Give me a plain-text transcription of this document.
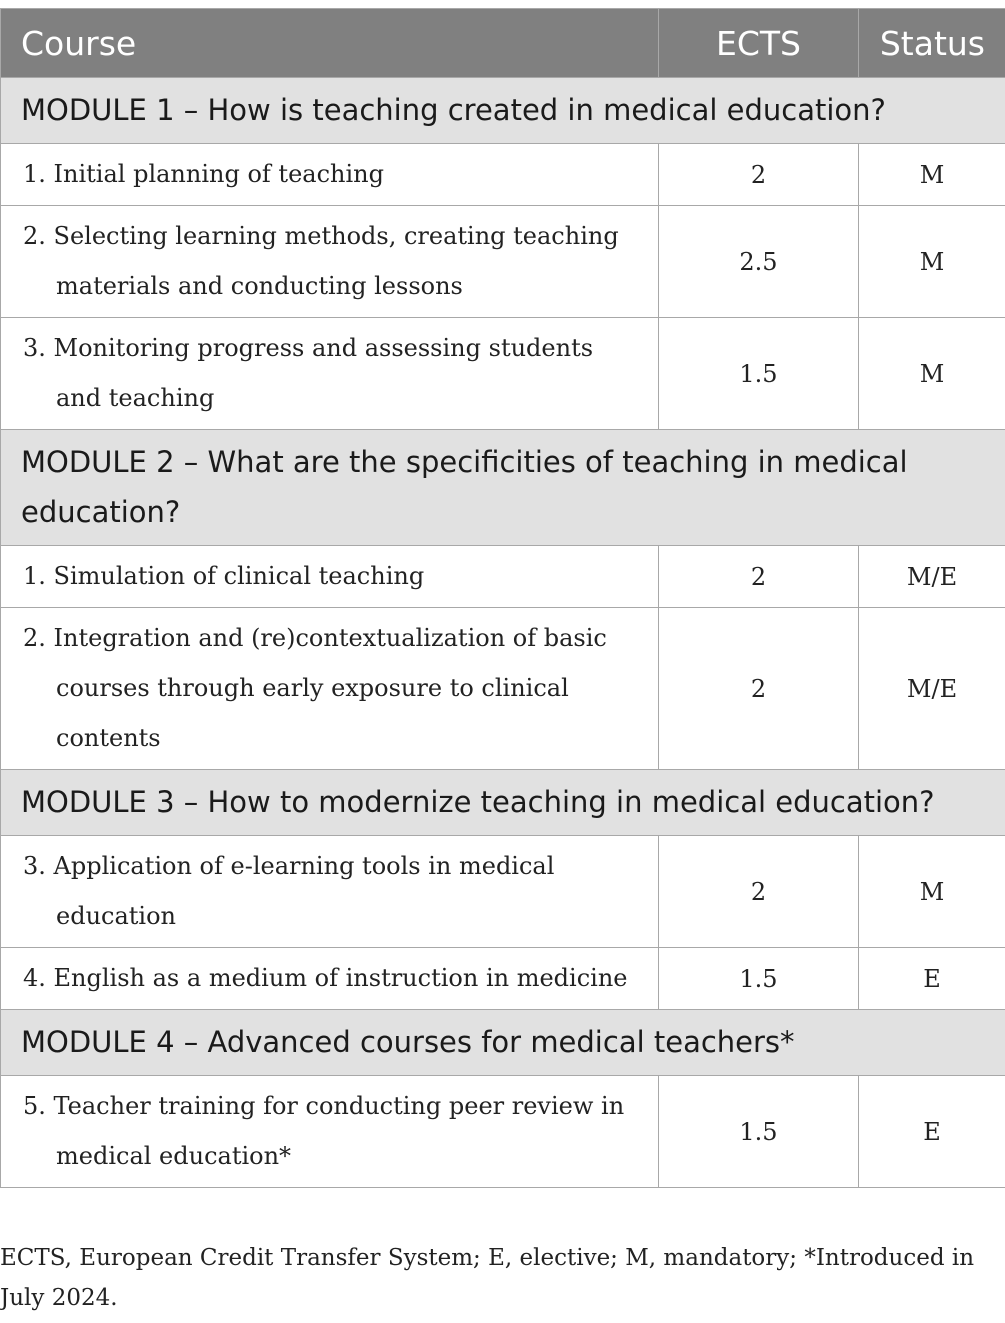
Course	ECTS	Status
MODULE 1 – How is teaching created in medical education?		
1. Initial planning of teaching	2	M
2. Selecting learning methods, creating teaching materials and conducting lessons	2.5	M
3. Monitoring progress and assessing students and teaching	1.5	M
MODULE 2 – What are the specificities of teaching in medical education?		
1. Simulation of clinical teaching	2	M/E
2. Integration and (re)contextualization of basic courses through early exposure to clinical contents	2	M/E
MODULE 3 – How to modernize teaching in medical education?		
3. Application of e-learning tools in medical education	2	M
4. English as a medium of instruction in medicine	1.5	E
MODULE 4 – Advanced courses for medical teachers*		
5. Teacher training for conducting peer review in medical education*	1.5	E
ECTS, European Credit Transfer System; E, elective; M, mandatory; *Introduced in July 2024.
